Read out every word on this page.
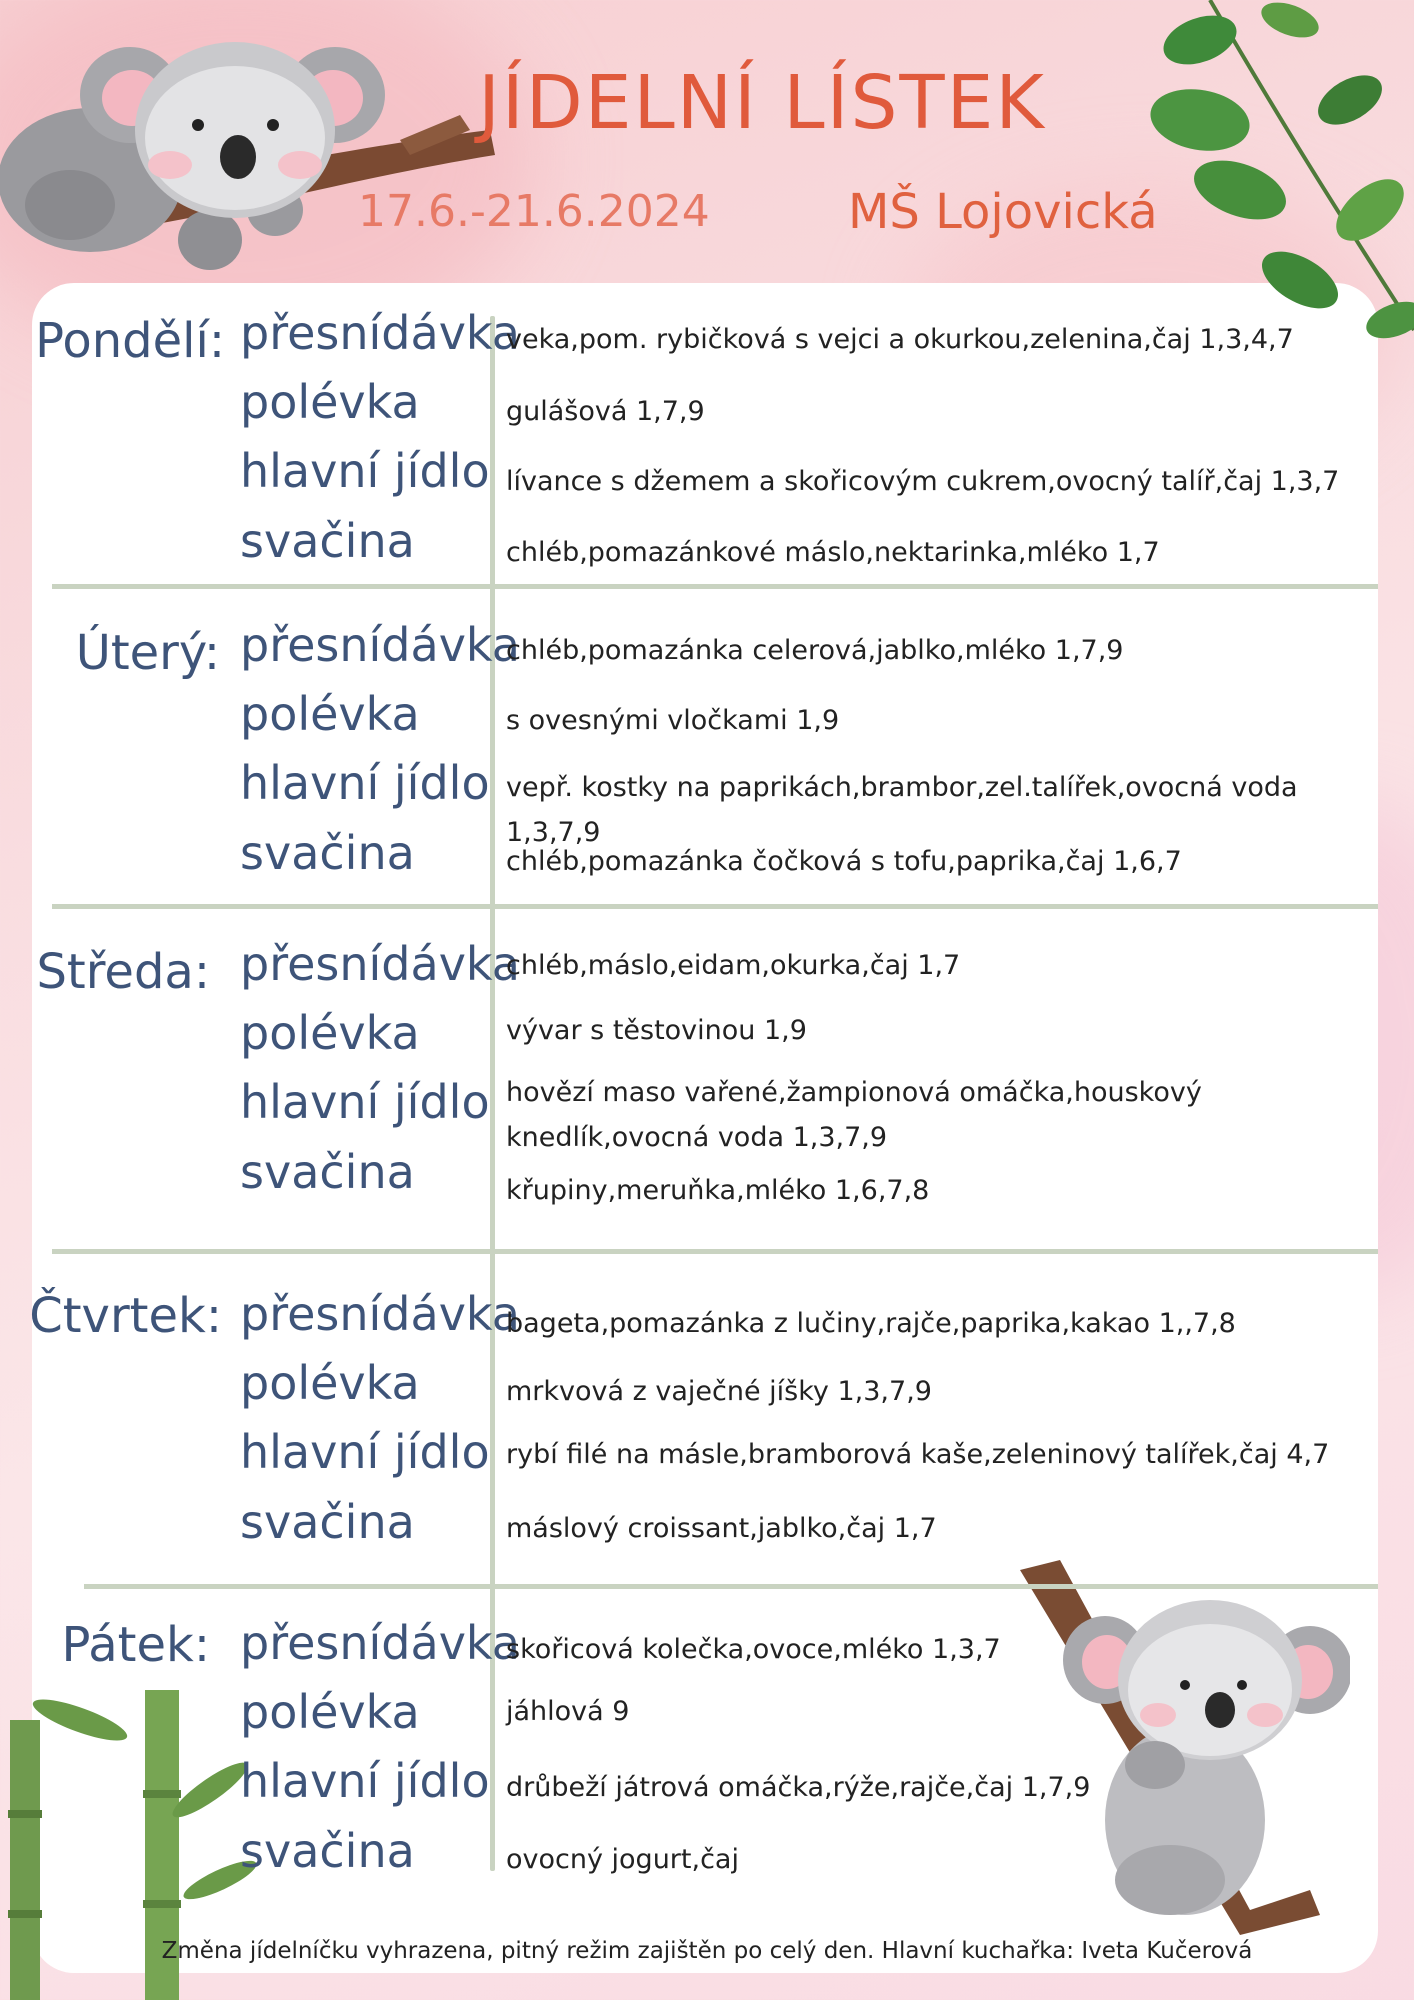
JÍDELNÍ LÍSTEK
17.6.-21.6.2024	MŠ Lojovická
Pondělí: přesnídávka
polévka
hlavní jídlo
svačina
veka,pom. rybičková s vejci a okurkou,zelenina,čaj 1,3,4,7
gulášová 1,7,9
lívance s džemem a skořicovým cukrem,ovocný talíř,čaj 1,3,7
chléb,pomazánkové máslo,nektarinka,mléko 1,7
Úterý: přesnídávka
polévka
hlavní jídlo
svačina
chléb,pomazánka celerová,jablko,mléko 1,7,9
s ovesnými vločkami 1,9
vepř. kostky na paprikách,brambor,zel.talířek,ovocná voda 1,3,7,9
chléb,pomazánka čočková s tofu,paprika,čaj 1,6,7
Středa: přesnídávka
polévka
hlavní jídlo
svačina
chléb,máslo,eidam,okurka,čaj 1,7
vývar s těstovinou 1,9
hovězí maso vařené,žampionová omáčka,houskový knedlík,ovocná voda 1,3,7,9
křupiny,meruňka,mléko 1,6,7,8
Čtvrtek: přesnídávka
polévka
hlavní jídlo
svačina
bageta,pomazánka z lučiny,rajče,paprika,kakao 1,,7,8
mrkvová z vaječné jíšky 1,3,7,9
rybí filé na másle,bramborová kaše,zeleninový talířek,čaj 4,7
máslový croissant,jablko,čaj 1,7
Pátek: přesnídávka
polévka
hlavní jídlo
svačina
skořicová kolečka,ovoce,mléko 1,3,7
jáhlová 9
drůbeží játrová omáčka,rýže,rajče,čaj 1,7,9
ovocný jogurt,čaj
Změna jídelníčku vyhrazena, pitný režim zajištěn po celý den. Hlavní kuchařka: Iveta Kučerová
